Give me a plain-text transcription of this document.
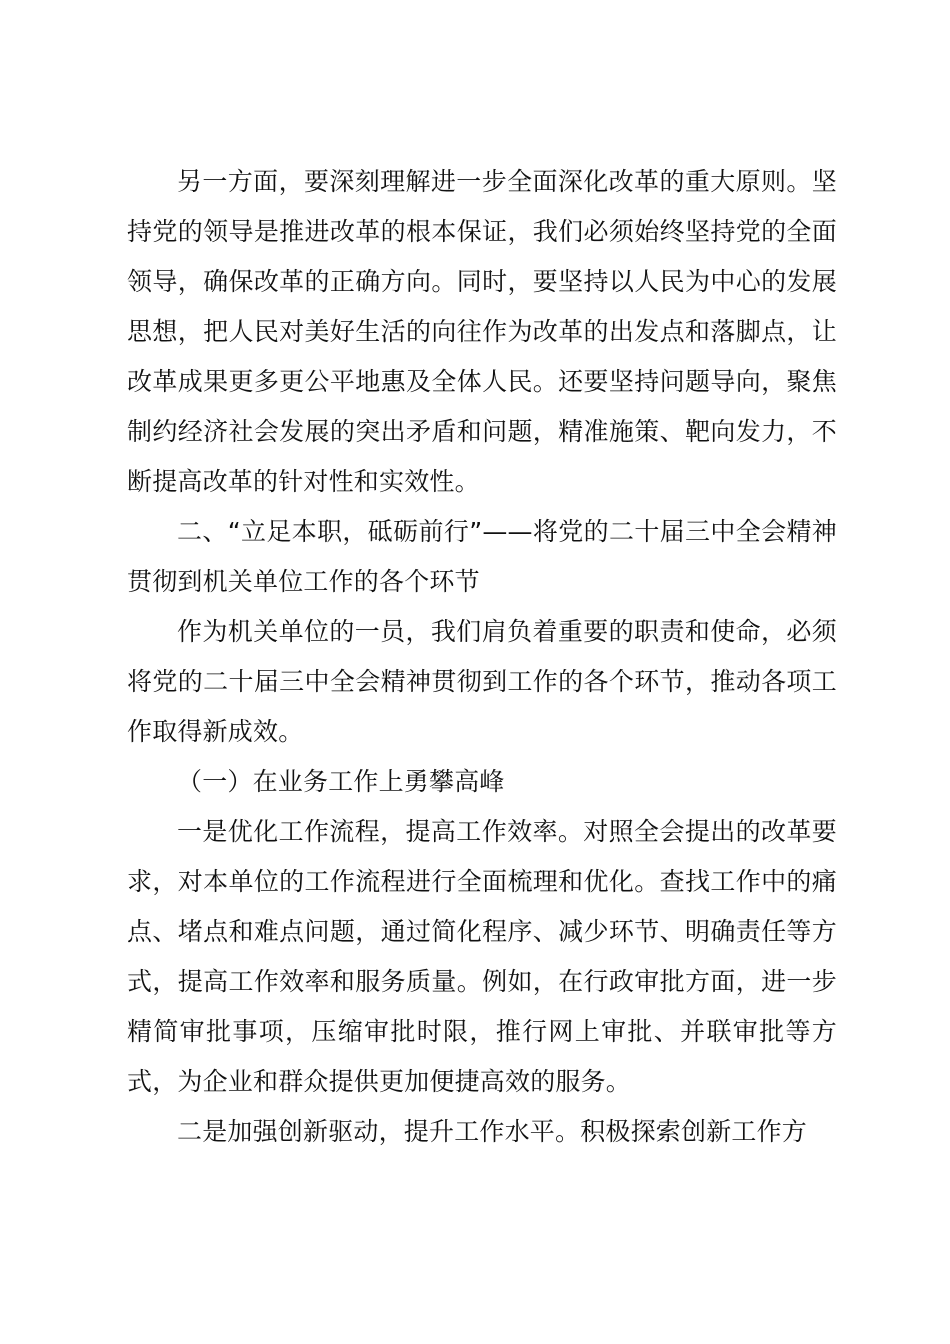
另一方面，要深刻理解进一步全面深化改革的重大原则。坚持党的领导是推进改革的根本保证，我们必须始终坚持党的全面领导，确保改革的正确方向。同时，要坚持以人民为中心的发展思想，把人民对美好生活的向往作为改革的出发点和落脚点，让改革成果更多更公平地惠及全体人民。还要坚持问题导向，聚焦制约经济社会发展的突出矛盾和问题，精准施策、靶向发力，不断提高改革的针对性和实效性。

二、“立足本职，砥砺前行”——将党的二十届三中全会精神贯彻到机关单位工作的各个环节

作为机关单位的一员，我们肩负着重要的职责和使命，必须将党的二十届三中全会精神贯彻到工作的各个环节，推动各项工作取得新成效。

（一）在业务工作上勇攀高峰

一是优化工作流程，提高工作效率。对照全会提出的改革要求，对本单位的工作流程进行全面梳理和优化。查找工作中的痛点、堵点和难点问题，通过简化程序、减少环节、明确责任等方式，提高工作效率和服务质量。例如，在行政审批方面，进一步精简审批事项，压缩审批时限，推行网上审批、并联审批等方式，为企业和群众提供更加便捷高效的服务。

二是加强创新驱动，提升工作水平。积极探索创新工作方
